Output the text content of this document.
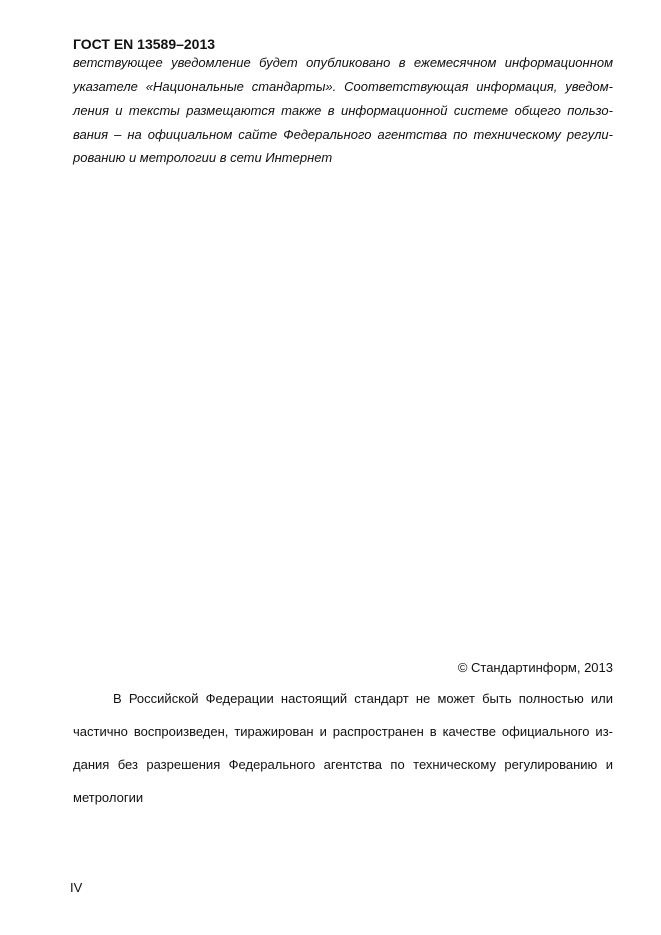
ГОСТ EN 13589–2013
ветствующее уведомление будет опубликовано в ежемесячном информационном
указателе «Национальные стандарты». Соответствующая информация, уведом-
ления и тексты размещаются также в информационной системе общего пользо-
вания – на официальном сайте Федерального агентства по техническому регули-
рованию и метрологии в сети Интернет
© Стандартинформ, 2013
В Российской Федерации настоящий стандарт не может быть полностью или
частично воспроизведен, тиражирован и распространен в качестве официального из-
дания без разрешения Федерального агентства по техническому регулированию и
метрологии
IV
